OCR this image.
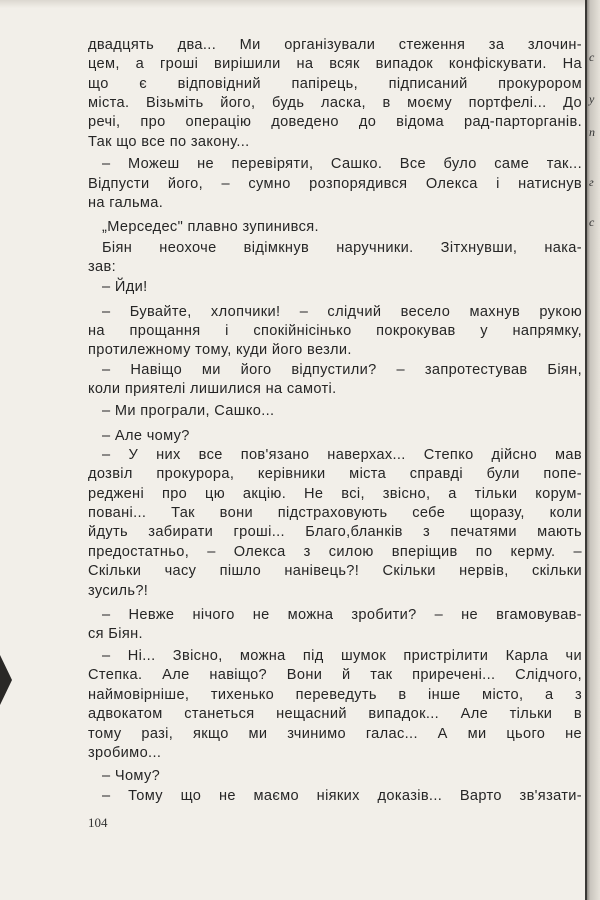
с
у
п
г
с
двадцять два... Ми організували стеження за злочин-
цем, а гроші вирішили на всяк випадок конфіскувати. На
що є відповідний папірець, підписаний прокурором
міста. Візьміть його, будь ласка, в моєму портфелі... До
речі, про операцію доведено до відома рад-парторганів.
Так що все по закону...
– Можеш не перевіряти, Сашко. Все було саме так...
Відпусти його, – сумно розпорядився Олекса і натиснув
на гальма.
„Мерседес" плавно зупинився.
Біян неохоче відімкнув наручники. Зітхнувши, нака-
зав:
– Йди!
– Бувайте, хлопчики! – слідчий весело махнув рукою
на прощання і спокійнісінько покрокував у напрямку,
протилежному тому, куди його везли.
– Навіщо ми його відпустили? – запротестував Біян,
коли приятелі лишилися на самоті.
– Ми програли, Сашко...
– Але чому?
– У них все пов'язано наверхах... Степко дійсно мав
дозвіл прокурора, керівники міста справді були попе-
реджені про цю акцію. Не всі, звісно, а тільки корум-
повані... Так вони підстраховують себе щоразу, коли
йдуть забирати гроші... Благо,бланків з печатями мають
предостатньо, – Олекса з силою вперіщив по керму. –
Скільки часу пішло нанівець?! Скільки нервів, скільки
зусиль?!
– Невже нічого не можна зробити? – не вгамовував-
ся Біян.
– Ні... Звісно, можна під шумок пристрілити Карла чи
Степка. Але навіщо? Вони й так приречені... Слідчого,
наймовірніше, тихенько переведуть в інше місто, а з
адвокатом станеться нещасний випадок... Але тільки в
тому разі, якщо ми зчинимо галас... А ми цього не
зробимо...
– Чому?
– Тому що не маємо ніяких доказів... Варто зв'язати-
104
